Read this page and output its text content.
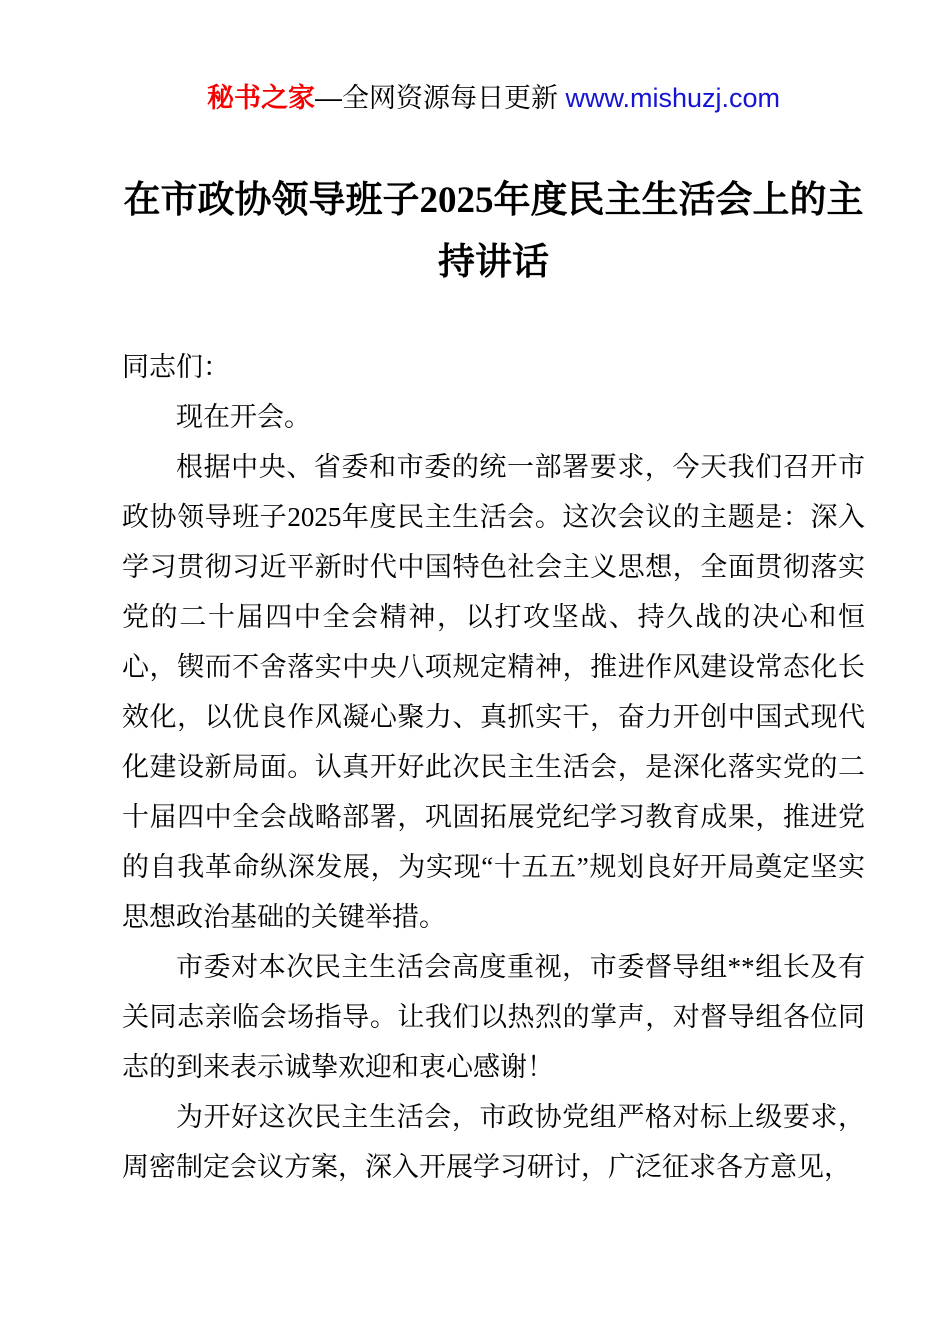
秘书之家—全网资源每日更新 www.mishuzj.com
在市政协领导班子2025年度民主生活会上的主持讲话

同志们：

现在开会。

根据中央、省委和市委的统一部署要求，今天我们召开市政协领导班子2025年度民主生活会。这次会议的主题是：深入学习贯彻习近平新时代中国特色社会主义思想，全面贯彻落实党的二十届四中全会精神，以打攻坚战、持久战的决心和恒心，锲而不舍落实中央八项规定精神，推进作风建设常态化长效化，以优良作风凝心聚力、真抓实干，奋力开创中国式现代化建设新局面。认真开好此次民主生活会，是深化落实党的二十届四中全会战略部署，巩固拓展党纪学习教育成果，推进党的自我革命纵深发展，为实现“十五五”规划良好开局奠定坚实思想政治基础的关键举措。

市委对本次民主生活会高度重视，市委督导组**组长及有关同志亲临会场指导。让我们以热烈的掌声，对督导组各位同志的到来表示诚挚欢迎和衷心感谢！

为开好这次民主生活会，市政协党组严格对标上级要求，周密制定会议方案，深入开展学习研讨，广泛征求各方意见，
